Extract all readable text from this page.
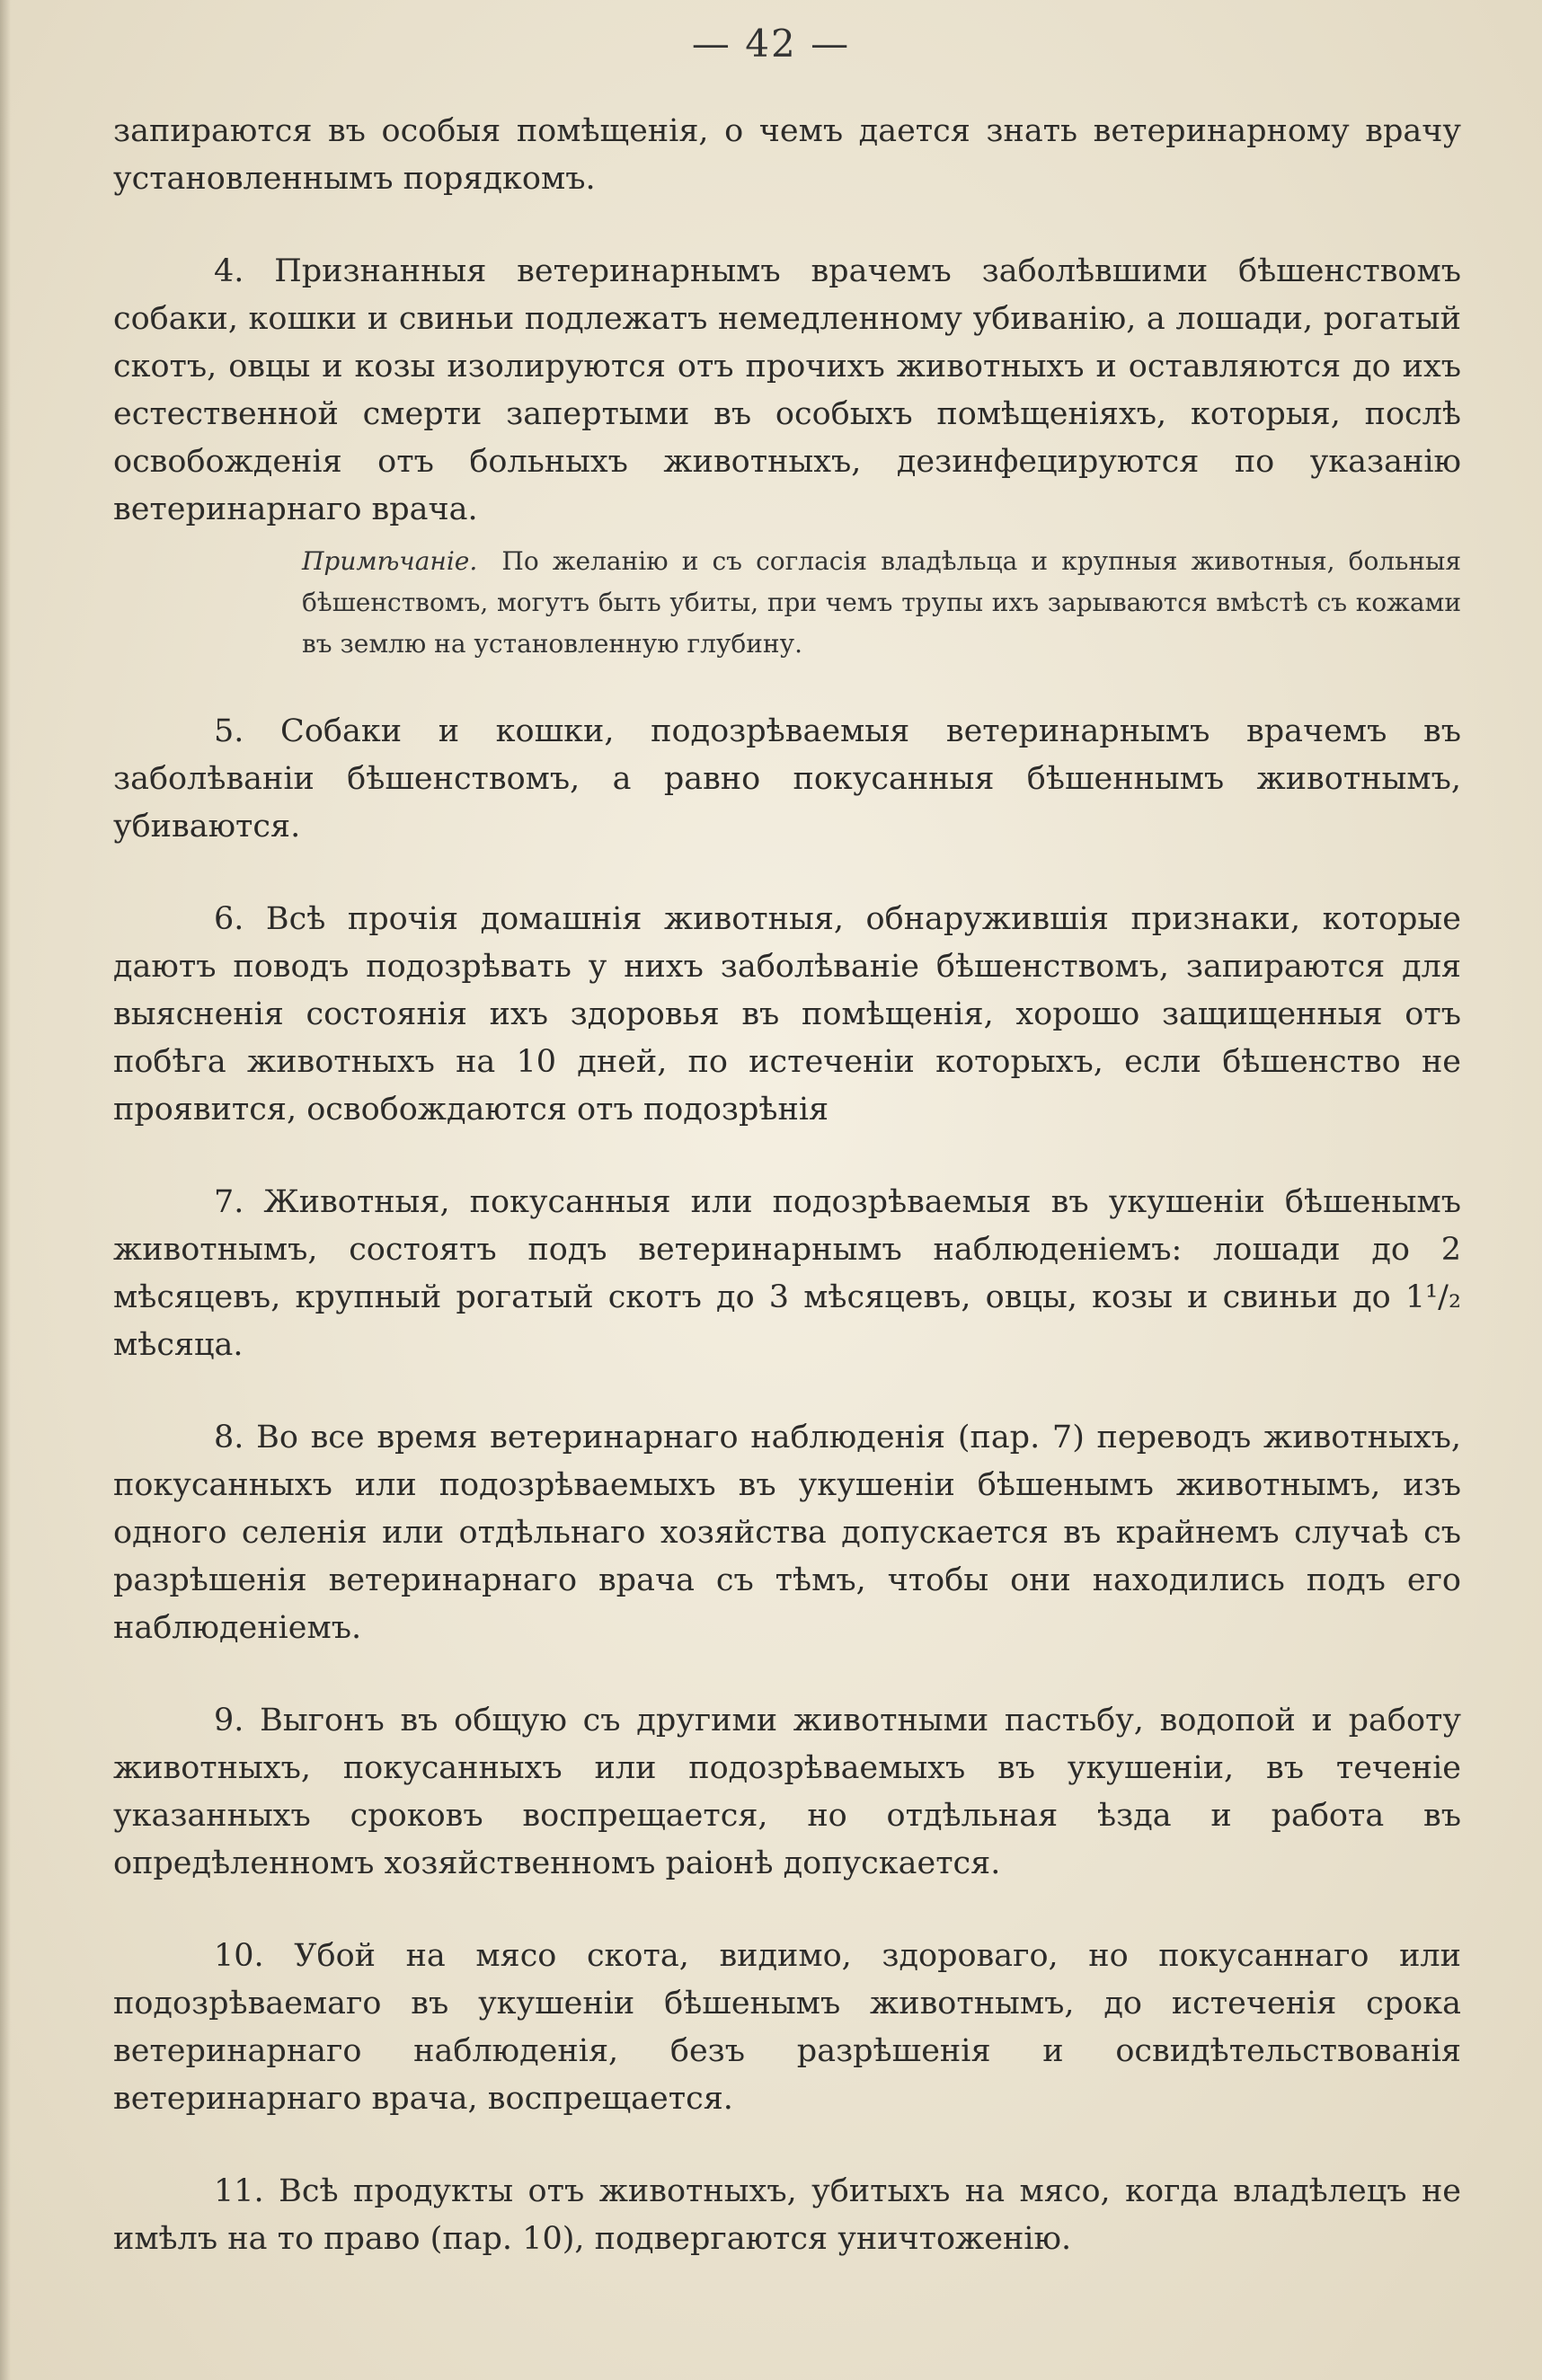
— 42 —

запираются въ особыя помѣщенія, о чемъ дается знать ветеринарному врачу установленнымъ порядкомъ.

4. Признанныя ветеринарнымъ врачемъ заболѣвшими бѣшенствомъ собаки, кошки и свиньи подлежатъ немедленному убиванію, а лошади, рогатый скотъ, овцы и козы изолируются отъ прочихъ животныхъ и оставляются до ихъ естественной смерти запертыми въ особыхъ помѣщеніяхъ, которыя, послѣ освобожденія отъ больныхъ животныхъ, дезинфецируются по указанію ветеринарнаго врача.

Примѣчаніе. По желанію и съ согласія владѣльца и крупныя животныя, больныя бѣшенствомъ, могутъ быть убиты, при чемъ трупы ихъ зарываются вмѣстѣ съ кожами въ землю на установленную глубину.

5. Собаки и кошки, подозрѣваемыя ветеринарнымъ врачемъ въ заболѣваніи бѣшенствомъ, а равно покусанныя бѣшеннымъ животнымъ, убиваются.

6. Всѣ прочія домашнія животныя, обнаружившія признаки, которые даютъ поводъ подозрѣвать у нихъ заболѣваніе бѣшенствомъ, запираются для выясненія состоянія ихъ здоровья въ помѣщенія, хорошо защищенныя отъ побѣга животныхъ на 10 дней, по истеченіи которыхъ, если бѣшенство не проявится, освобождаются отъ подозрѣнія

7. Животныя, покусанныя или подозрѣваемыя въ укушеніи бѣшенымъ животнымъ, состоятъ подъ ветеринарнымъ наблюденіемъ: лошади до 2 мѣсяцевъ, крупный рогатый скотъ до 3 мѣсяцевъ, овцы, козы и свиньи до 1¹/₂ мѣсяца.

8. Во все время ветеринарнаго наблюденія (пар. 7) переводъ животныхъ, покусанныхъ или подозрѣваемыхъ въ укушеніи бѣшенымъ животнымъ, изъ одного селенія или отдѣльнаго хозяйства допускается въ крайнемъ случаѣ съ разрѣшенія ветеринарнаго врача съ тѣмъ, чтобы они находились подъ его наблюденіемъ.

9. Выгонъ въ общую съ другими животными пастьбу, водопой и работу животныхъ, покусанныхъ или подозрѣваемыхъ въ укушеніи, въ теченіе указанныхъ сроковъ воспрещается, но отдѣльная ѣзда и работа въ опредѣленномъ хозяйственномъ раіонѣ допускается.

10. Убой на мясо скота, видимо, здороваго, но покусаннаго или подозрѣваемаго въ укушеніи бѣшенымъ животнымъ, до истеченія срока ветеринарнаго наблюденія, безъ разрѣшенія и освидѣтельствованія ветеринарнаго врача, воспрещается.

11. Всѣ продукты отъ животныхъ, убитыхъ на мясо, когда владѣлецъ не имѣлъ на то право (пар. 10), подвергаются уничтоженію.
